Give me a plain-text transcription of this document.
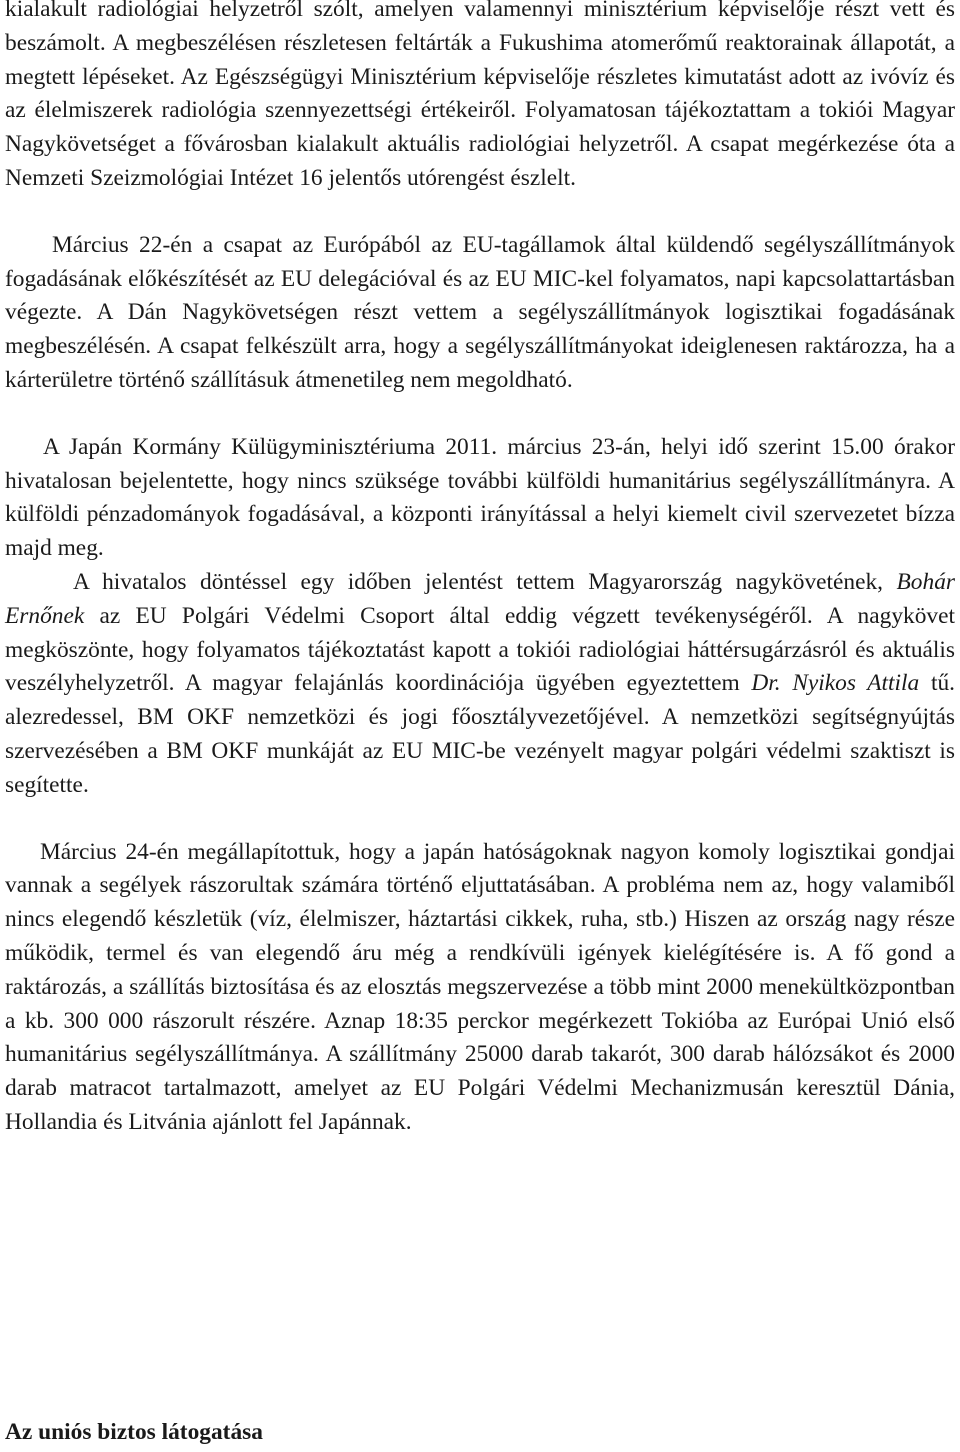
kialakult radiológiai helyzetről szólt, amelyen valamennyi minisztérium képviselője részt vett és beszámolt. A megbeszélésen részletesen feltárták a Fukushima atomerőmű reaktorainak állapotát, a megtett lépéseket. Az Egészségügyi Minisztérium képviselője részletes kimutatást adott az ivóvíz és az élelmiszerek radiológia szennyezettségi értékeiről. Folyamatosan tájékoztattam a tokiói Magyar Nagykövetséget a fővárosban kialakult aktuális radiológiai helyzetről. A csapat megérkezése óta a Nemzeti Szeizmológiai Intézet 16 jelentős utórengést észlelt.

Március 22-én a csapat az Európából az EU-tagállamok által küldendő segélyszállítmányok fogadásának előkészítését az EU delegációval és az EU MIC-kel folyamatos, napi kapcsolattartásban végezte. A Dán Nagykövetségen részt vettem a segélyszállítmányok logisztikai fogadásának megbeszélésén. A csapat felkészült arra, hogy a segélyszállítmányokat ideiglenesen raktározza, ha a kárterületre történő szállításuk átmenetileg nem megoldható.

A Japán Kormány Külügyminisztériuma 2011. március 23-án, helyi idő szerint 15.00 órakor hivatalosan bejelentette, hogy nincs szüksége további külföldi humanitárius segélyszállítmányra. A külföldi pénzadományok fogadásával, a központi irányítással a helyi kiemelt civil szervezetet bízza majd meg.

A hivatalos döntéssel egy időben jelentést tettem Magyarország nagykövetének, Bohár Ernőnek az EU Polgári Védelmi Csoport által eddig végzett tevékenységéről. A nagykövet megköszönte, hogy folyamatos tájékoztatást kapott a tokiói radiológiai háttérsugárzásról és aktuális veszélyhelyzetről. A magyar felajánlás koordinációja ügyében egyeztettem Dr. Nyikos Attila tű. alezredessel, BM OKF nemzetközi és jogi főosztályvezetőjével. A nemzetközi segítségnyújtás szervezésében a BM OKF munkáját az EU MIC-be vezényelt magyar polgári védelmi szaktiszt is segítette.

Március 24-én megállapítottuk, hogy a japán hatóságoknak nagyon komoly logisztikai gondjai vannak a segélyek rászorultak számára történő eljuttatásában. A probléma nem az, hogy valamiből nincs elegendő készletük (víz, élelmiszer, háztartási cikkek, ruha, stb.) Hiszen az ország nagy része működik, termel és van elegendő áru még a rendkívüli igények kielégítésére is. A fő gond a raktározás, a szállítás biztosítása és az elosztás megszervezése a több mint 2000 menekültközpontban a kb. 300 000 rászorult részére. Aznap 18:35 perckor megérkezett Tokióba az Európai Unió első humanitárius segélyszállítmánya. A szállítmány 25000 darab takarót, 300 darab hálózsákot és 2000 darab matracot tartalmazott, amelyet az EU Polgári Védelmi Mechanizmusán keresztül Dánia, Hollandia és Litvánia ajánlott fel Japánnak.

Az uniós biztos látogatása
